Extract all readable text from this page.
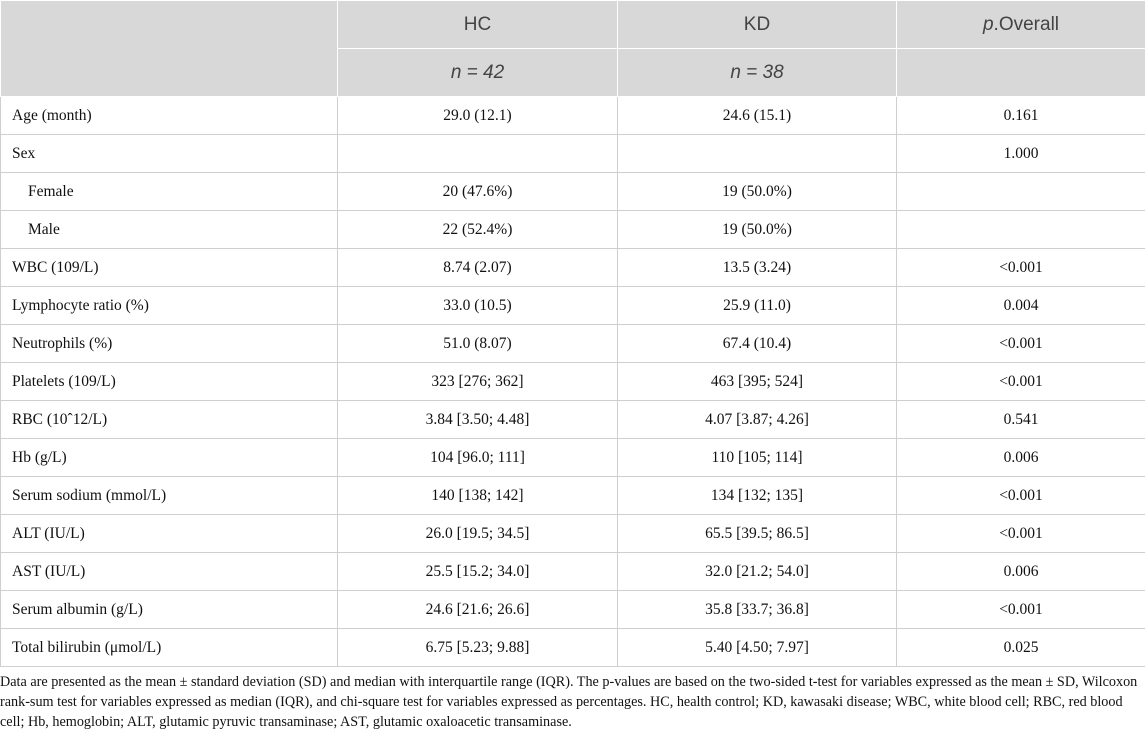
	HC	KD	p.Overall
	n = 42	n = 38	
Age (month)	29.0 (12.1)	24.6 (15.1)	0.161
Sex			1.000
Female	20 (47.6%)	19 (50.0%)	
Male	22 (52.4%)	19 (50.0%)	
WBC (109/L)	8.74 (2.07)	13.5 (3.24)	<0.001
Lymphocyte ratio (%)	33.0 (10.5)	25.9 (11.0)	0.004
Neutrophils (%)	51.0 (8.07)	67.4 (10.4)	<0.001
Platelets (109/L)	323 [276; 362]	463 [395; 524]	<0.001
RBC (10ˆ12/L)	3.84 [3.50; 4.48]	4.07 [3.87; 4.26]	0.541
Hb (g/L)	104 [96.0; 111]	110 [105; 114]	0.006
Serum sodium (mmol/L)	140 [138; 142]	134 [132; 135]	<0.001
ALT (IU/L)	26.0 [19.5; 34.5]	65.5 [39.5; 86.5]	<0.001
AST (IU/L)	25.5 [15.2; 34.0]	32.0 [21.2; 54.0]	0.006
Serum albumin (g/L)	24.6 [21.6; 26.6]	35.8 [33.7; 36.8]	<0.001
Total bilirubin (μmol/L)	6.75 [5.23; 9.88]	5.40 [4.50; 7.97]	0.025

Data are presented as the mean ± standard deviation (SD) and median with interquartile range (IQR). The p-values are based on the two-sided t-test for variables expressed as the mean ± SD, Wilcoxon rank-sum test for variables expressed as median (IQR), and chi-square test for variables expressed as percentages. HC, health control; KD, kawasaki disease; WBC, white blood cell; RBC, red blood cell; Hb, hemoglobin; ALT, glutamic pyruvic transaminase; AST, glutamic oxaloacetic transaminase.
